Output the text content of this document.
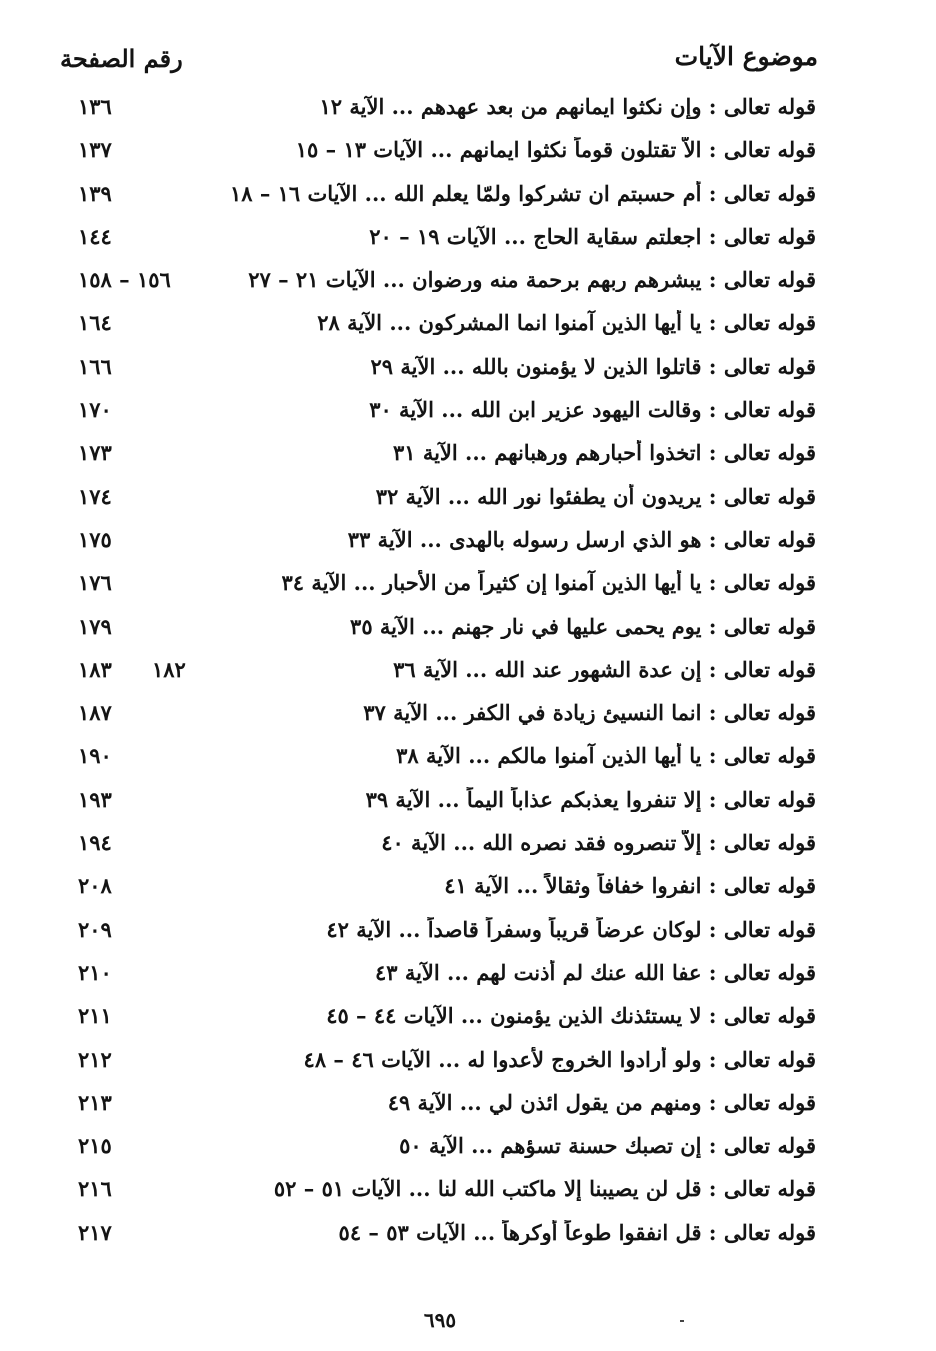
موضوع الآيات
رقم الصفحة
قوله تعالى : وإن نكثوا ايمانهم من بعد عهدهم ... الآية ١٢
١٣٦
قوله تعالى : الاّ تقتلون قوماً نكثوا ايمانهم ... الآيات ١٣ – ١٥
١٣٧
قوله تعالى : أم حسبتم ان تشركوا ولمّا يعلم الله ... الآيات ١٦ – ١٨
١٣٩
قوله تعالى : اجعلتم سقاية الحاج ... الآيات ١٩ – ٢٠
١٤٤
قوله تعالى : يبشرهم ربهم برحمة منه ورضوان ... الآيات ٢١ – ٢٧
١٥٦ – ١٥٨
قوله تعالى : يا أيها الذين آمنوا انما المشركون ... الآية ٢٨
١٦٤
قوله تعالى : قاتلوا الذين لا يؤمنون بالله ... الآية ٢٩
١٦٦
قوله تعالى : وقالت اليهود عزير ابن الله ... الآية ٣٠
١٧٠
قوله تعالى : اتخذوا أحبارهم ورهبانهم ... الآية ٣١
١٧٣
قوله تعالى : يريدون أن يطفئوا نور الله ... الآية ٣٢
١٧٤
قوله تعالى : هو الذي ارسل رسوله بالهدى ... الآية ٣٣
١٧٥
قوله تعالى : يا أيها الذين آمنوا إن كثيراً من الأحبار ... الآية ٣٤
١٧٦
قوله تعالى : يوم يحمى عليها في نار جهنم ... الآية ٣٥
١٧٩
قوله تعالى : إن عدة الشهور عند الله ... الآية ٣٦
١٨٣	١٨٢
قوله تعالى : انما النسيئ زيادة في الكفر ... الآية ٣٧
١٨٧
قوله تعالى : يا أيها الذين آمنوا مالكم ... الآية ٣٨
١٩٠
قوله تعالى : إلا تنفروا يعذبكم عذاباً اليماً ... الآية ٣٩
١٩٣
قوله تعالى : إلاّ تنصروه فقد نصره الله ... الآية ٤٠
١٩٤
قوله تعالى : انفروا خفافاً وثقالاً ... الآية ٤١
٢٠٨
قوله تعالى : لوكان عرضاً قريباً وسفراً قاصداً ... الآية ٤٢
٢٠٩
قوله تعالى : عفا الله عنك لم أذنت لهم ... الآية ٤٣
٢١٠
قوله تعالى : لا يستئذنك الذين يؤمنون ... الآيات ٤٤ – ٤٥
٢١١
قوله تعالى : ولو أرادوا الخروج لأعدوا له ... الآيات ٤٦ – ٤٨
٢١٢
قوله تعالى : ومنهم من يقول ائذن لي ... الآية ٤٩
٢١٣
قوله تعالى : إن تصبك حسنة تسؤهم ... الآية ٥٠
٢١٥
قوله تعالى : قل لن يصيبنا إلا ماكتب الله لنا ... الآيات ٥١ – ٥٢
٢١٦
قوله تعالى : قل انفقوا طوعاً أوكرهاً ... الآيات ٥٣ – ٥٤
٢١٧
٦٩٥
